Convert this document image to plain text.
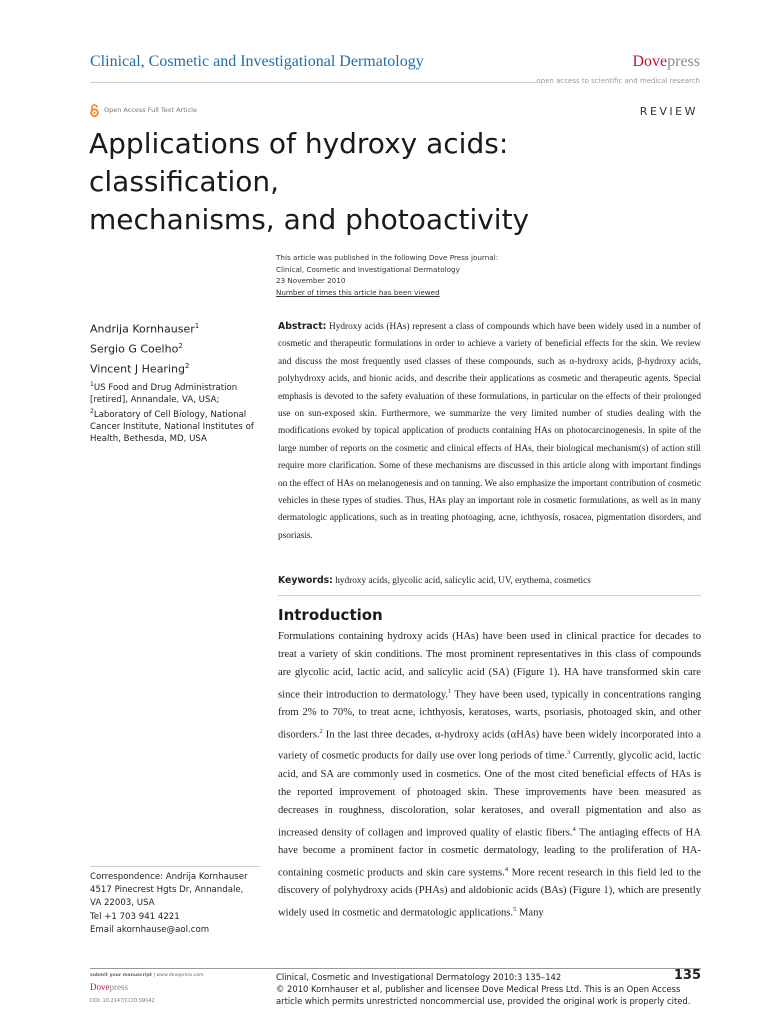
Clinical, Cosmetic and Investigational Dermatology	Dovepress
open access to scientific and medical research
Open Access Full Text Article	REVIEW
Applications of hydroxy acids: classification,
mechanisms, and photoactivity
This article was published in the following Dove Press journal:
Clinical, Cosmetic and Investigational Dermatology
23 November 2010
Number of times this article has been viewed
Andrija Kornhauser$^1$
Sergio G Coelho$^2$
Vincent J Hearing$^2$
$^1$US Food and Drug Administration [retired], Annandale, VA, USA;
$^2$Laboratory of Cell Biology, National Cancer Institute, National Institutes of Health, Bethesda, MD, USA
Abstract: Hydroxy acids (HAs) represent a class of compounds which have been widely used in a number of cosmetic and therapeutic formulations in order to achieve a variety of beneficial effects for the skin. We review and discuss the most frequently used classes of these compounds, such as α-hydroxy acids, β-hydroxy acids, polyhydroxy acids, and bionic acids, and describe their applications as cosmetic and therapeutic agents. Special emphasis is devoted to the safety evaluation of these formulations, in particular on the effects of their prolonged use on sun-exposed skin. Furthermore, we summarize the very limited number of studies dealing with the modifications evoked by topical application of products containing HAs on photocarcinogenesis. In spite of the large number of reports on the cosmetic and clinical effects of HAs, their biological mechanism(s) of action still require more clarification. Some of these mechanisms are discussed in this article along with important findings on the effect of HAs on melanogenesis and on tanning. We also emphasize the important contribution of cosmetic vehicles in these types of studies. Thus, HAs play an important role in cosmetic formulations, as well as in many dermatologic applications, such as in treating photoaging, acne, ichthyosis, rosacea, pigmentation disorders, and psoriasis.
Keywords: hydroxy acids, glycolic acid, salicylic acid, UV, erythema, cosmetics
Introduction
Formulations containing hydroxy acids (HAs) have been used in clinical practice for decades to treat a variety of skin conditions. The most prominent representatives in this class of compounds are glycolic acid, lactic acid, and salicylic acid (SA) (Figure 1). HA have transformed skin care since their introduction to dermatology.$^1$ They have been used, typically in concentrations ranging from 2% to 70%, to treat acne, ichthyosis, keratoses, warts, psoriasis, photoaged skin, and other disorders.$^2$ In the last three decades, α-hydroxy acids (αHAs) have been widely incorporated into a variety of cosmetic products for daily use over long periods of time.$^3$ Currently, glycolic acid, lactic acid, and SA are commonly used in cosmetics. One of the most cited beneficial effects of HAs is the reported improvement of photoaged skin. These improvements have been measured as decreases in roughness, discoloration, solar keratoses, and overall pigmentation and also as increased density of collagen and improved quality of elastic fibers.$^4$ The antiaging effects of HA have become a prominent factor in cosmetic dermatology, leading to the proliferation of HA-containing cosmetic products and skin care systems.$^4$ More recent research in this field led to the discovery of polyhydroxy acids (PHAs) and aldobionic acids (BAs) (Figure 1), which are presently widely used in cosmetic and dermatologic applications.$^5$ Many
Correspondence: Andrija Kornhauser
4517 Pinecrest Hgts Dr, Annandale,
VA 22003, USA
Tel +1 703 941 4221
Email akornhause@aol.com
submit your manuscript | www.dovepress.com
Dovepress
DOI: 10.2147/CCID.S9042
Clinical, Cosmetic and Investigational Dermatology 2010:3 135–142
© 2010 Kornhauser et al, publisher and licensee Dove Medical Press Ltd. This is an Open Access article which permits unrestricted noncommercial use, provided the original work is properly cited.
135
